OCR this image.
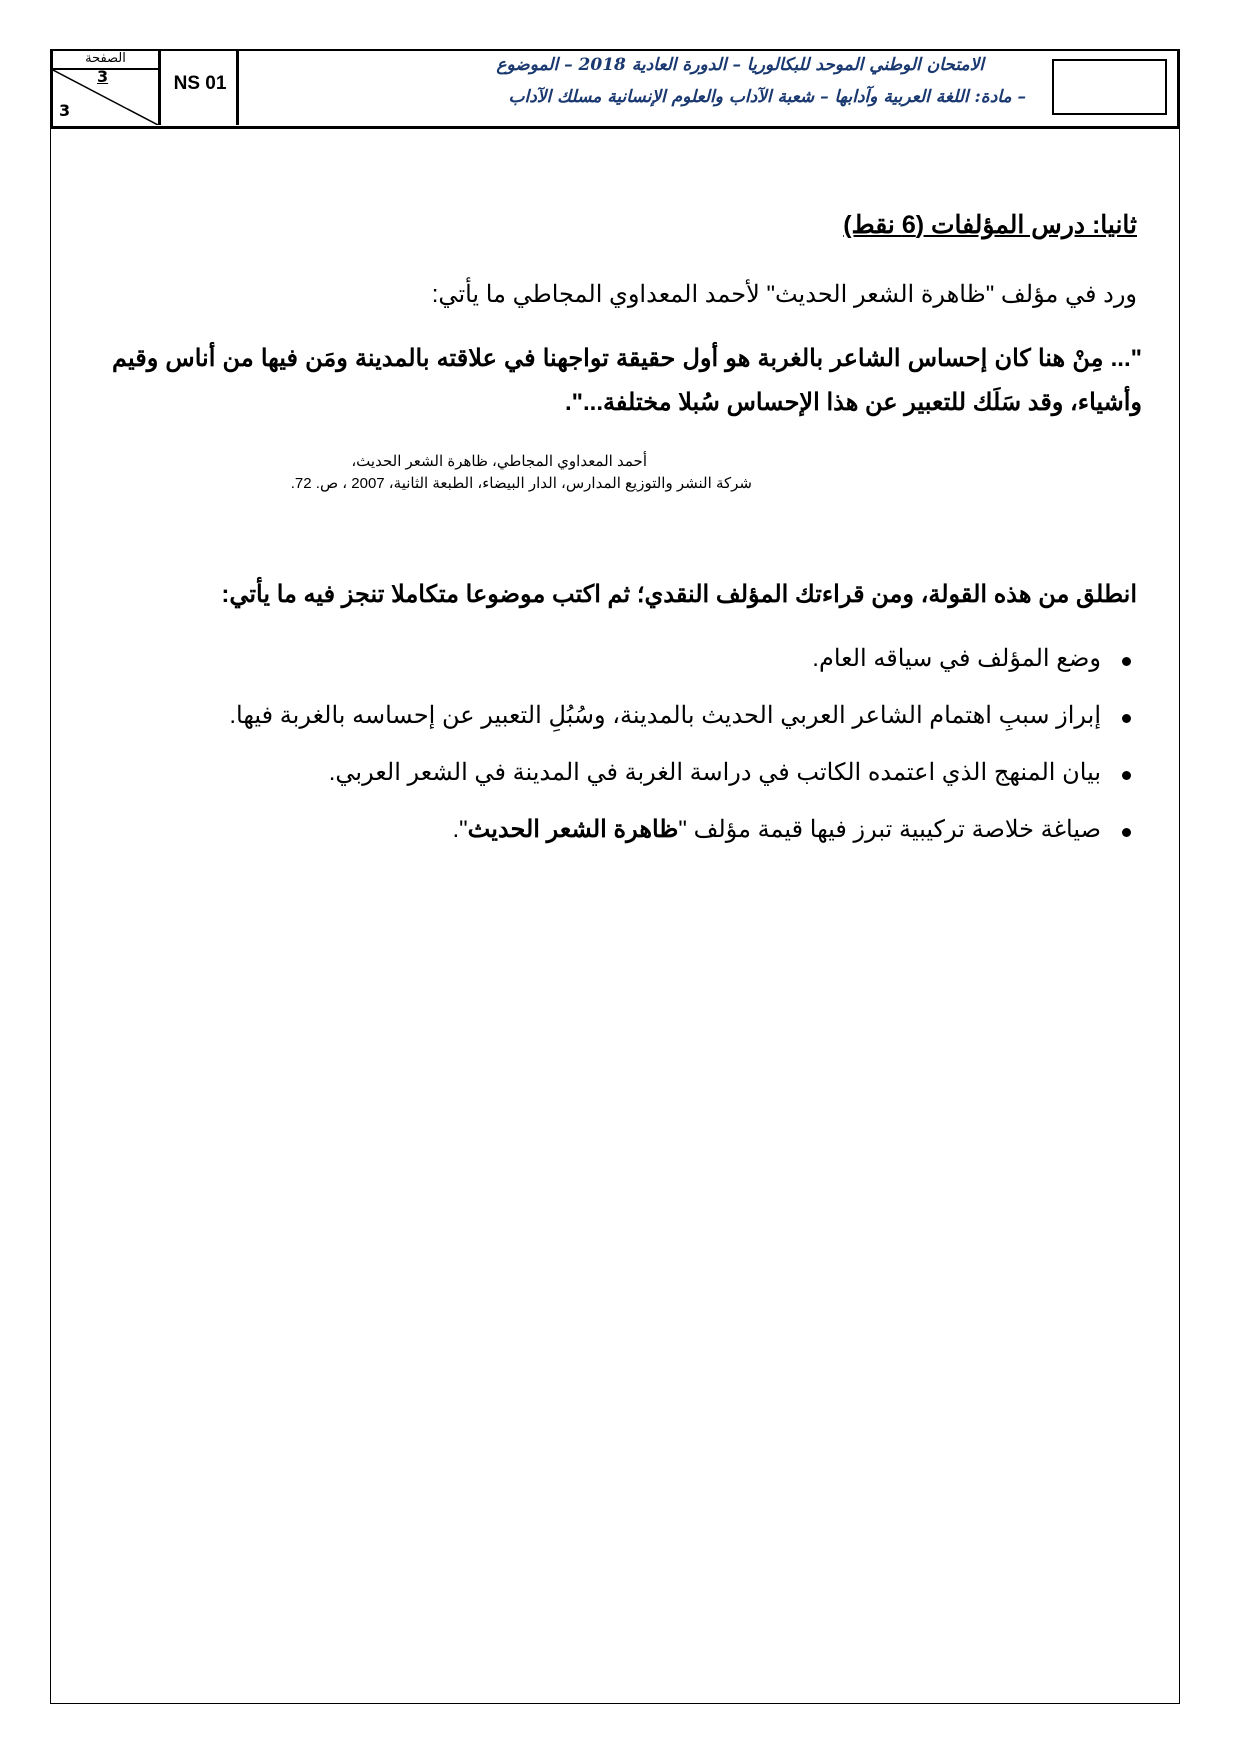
الصفحة
3
3
NS 01
الامتحان الوطني الموحد للبكالوريا – الدورة العادية 2018 – الموضوع
– مادة: اللغة العربية وآدابها – شعبة الآداب والعلوم الإنسانية مسلك الآداب
ثانيا: درس المؤلفات (6 نقط)
ورد في مؤلف "ظاهرة الشعر الحديث" لأحمد المعداوي المجاطي ما يأتي:
"... مِنْ هنا كان إحساس الشاعر بالغربة هو أول حقيقة تواجهنا في علاقته بالمدينة ومَن فيها من أناس وقيم وأشياء، وقد سَلَك للتعبير عن هذا الإحساس سُبلا مختلفة...".
أحمد المعداوي المجاطي، ظاهرة الشعر الحديث،
شركة النشر والتوزيع المدارس، الدار البيضاء، الطبعة الثانية، 2007 ، ص. 72.
انطلق من هذه القولة، ومن قراءتك المؤلف النقدي؛ ثم اكتب موضوعا متكاملا تنجز فيه ما يأتي:
وضع المؤلف في سياقه العام.
إبراز سببِ اهتمام الشاعر العربي الحديث بالمدينة، وسُبُلِ التعبير عن إحساسه بالغربة فيها.
بيان المنهج الذي اعتمده الكاتب في دراسة الغربة في المدينة في الشعر العربي.
صياغة خلاصة تركيبية تبرز فيها قيمة مؤلف "ظاهرة الشعر الحديث".
